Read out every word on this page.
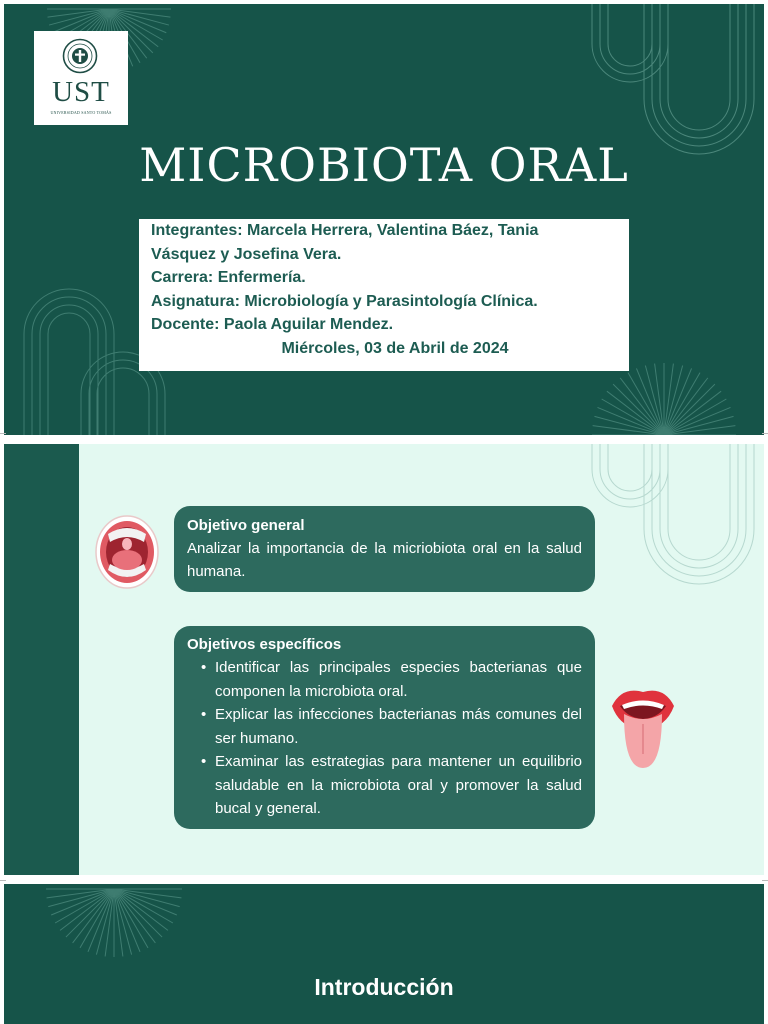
UST
UNIVERSIDAD SANTO TOMÁS
MICROBIOTA ORAL
Integrantes: Marcela Herrera, Valentina Báez, Tania
Vásquez y Josefina Vera.
Carrera: Enfermería.
Asignatura: Microbiología y Parasintología Clínica.
Docente: Paola Aguilar Mendez.
Miércoles, 03 de Abril de 2024
Objetivo general
Analizar la importancia de la micriobiota oral en la salud humana.
Objetivos específicos
• Identificar las principales especies bacterianas que componen la microbiota oral.
• Explicar las infecciones bacterianas más comunes del ser humano.
• Examinar las estrategias para mantener un equilibrio saludable en la microbiota oral y promover la salud bucal y general.
Introducción
